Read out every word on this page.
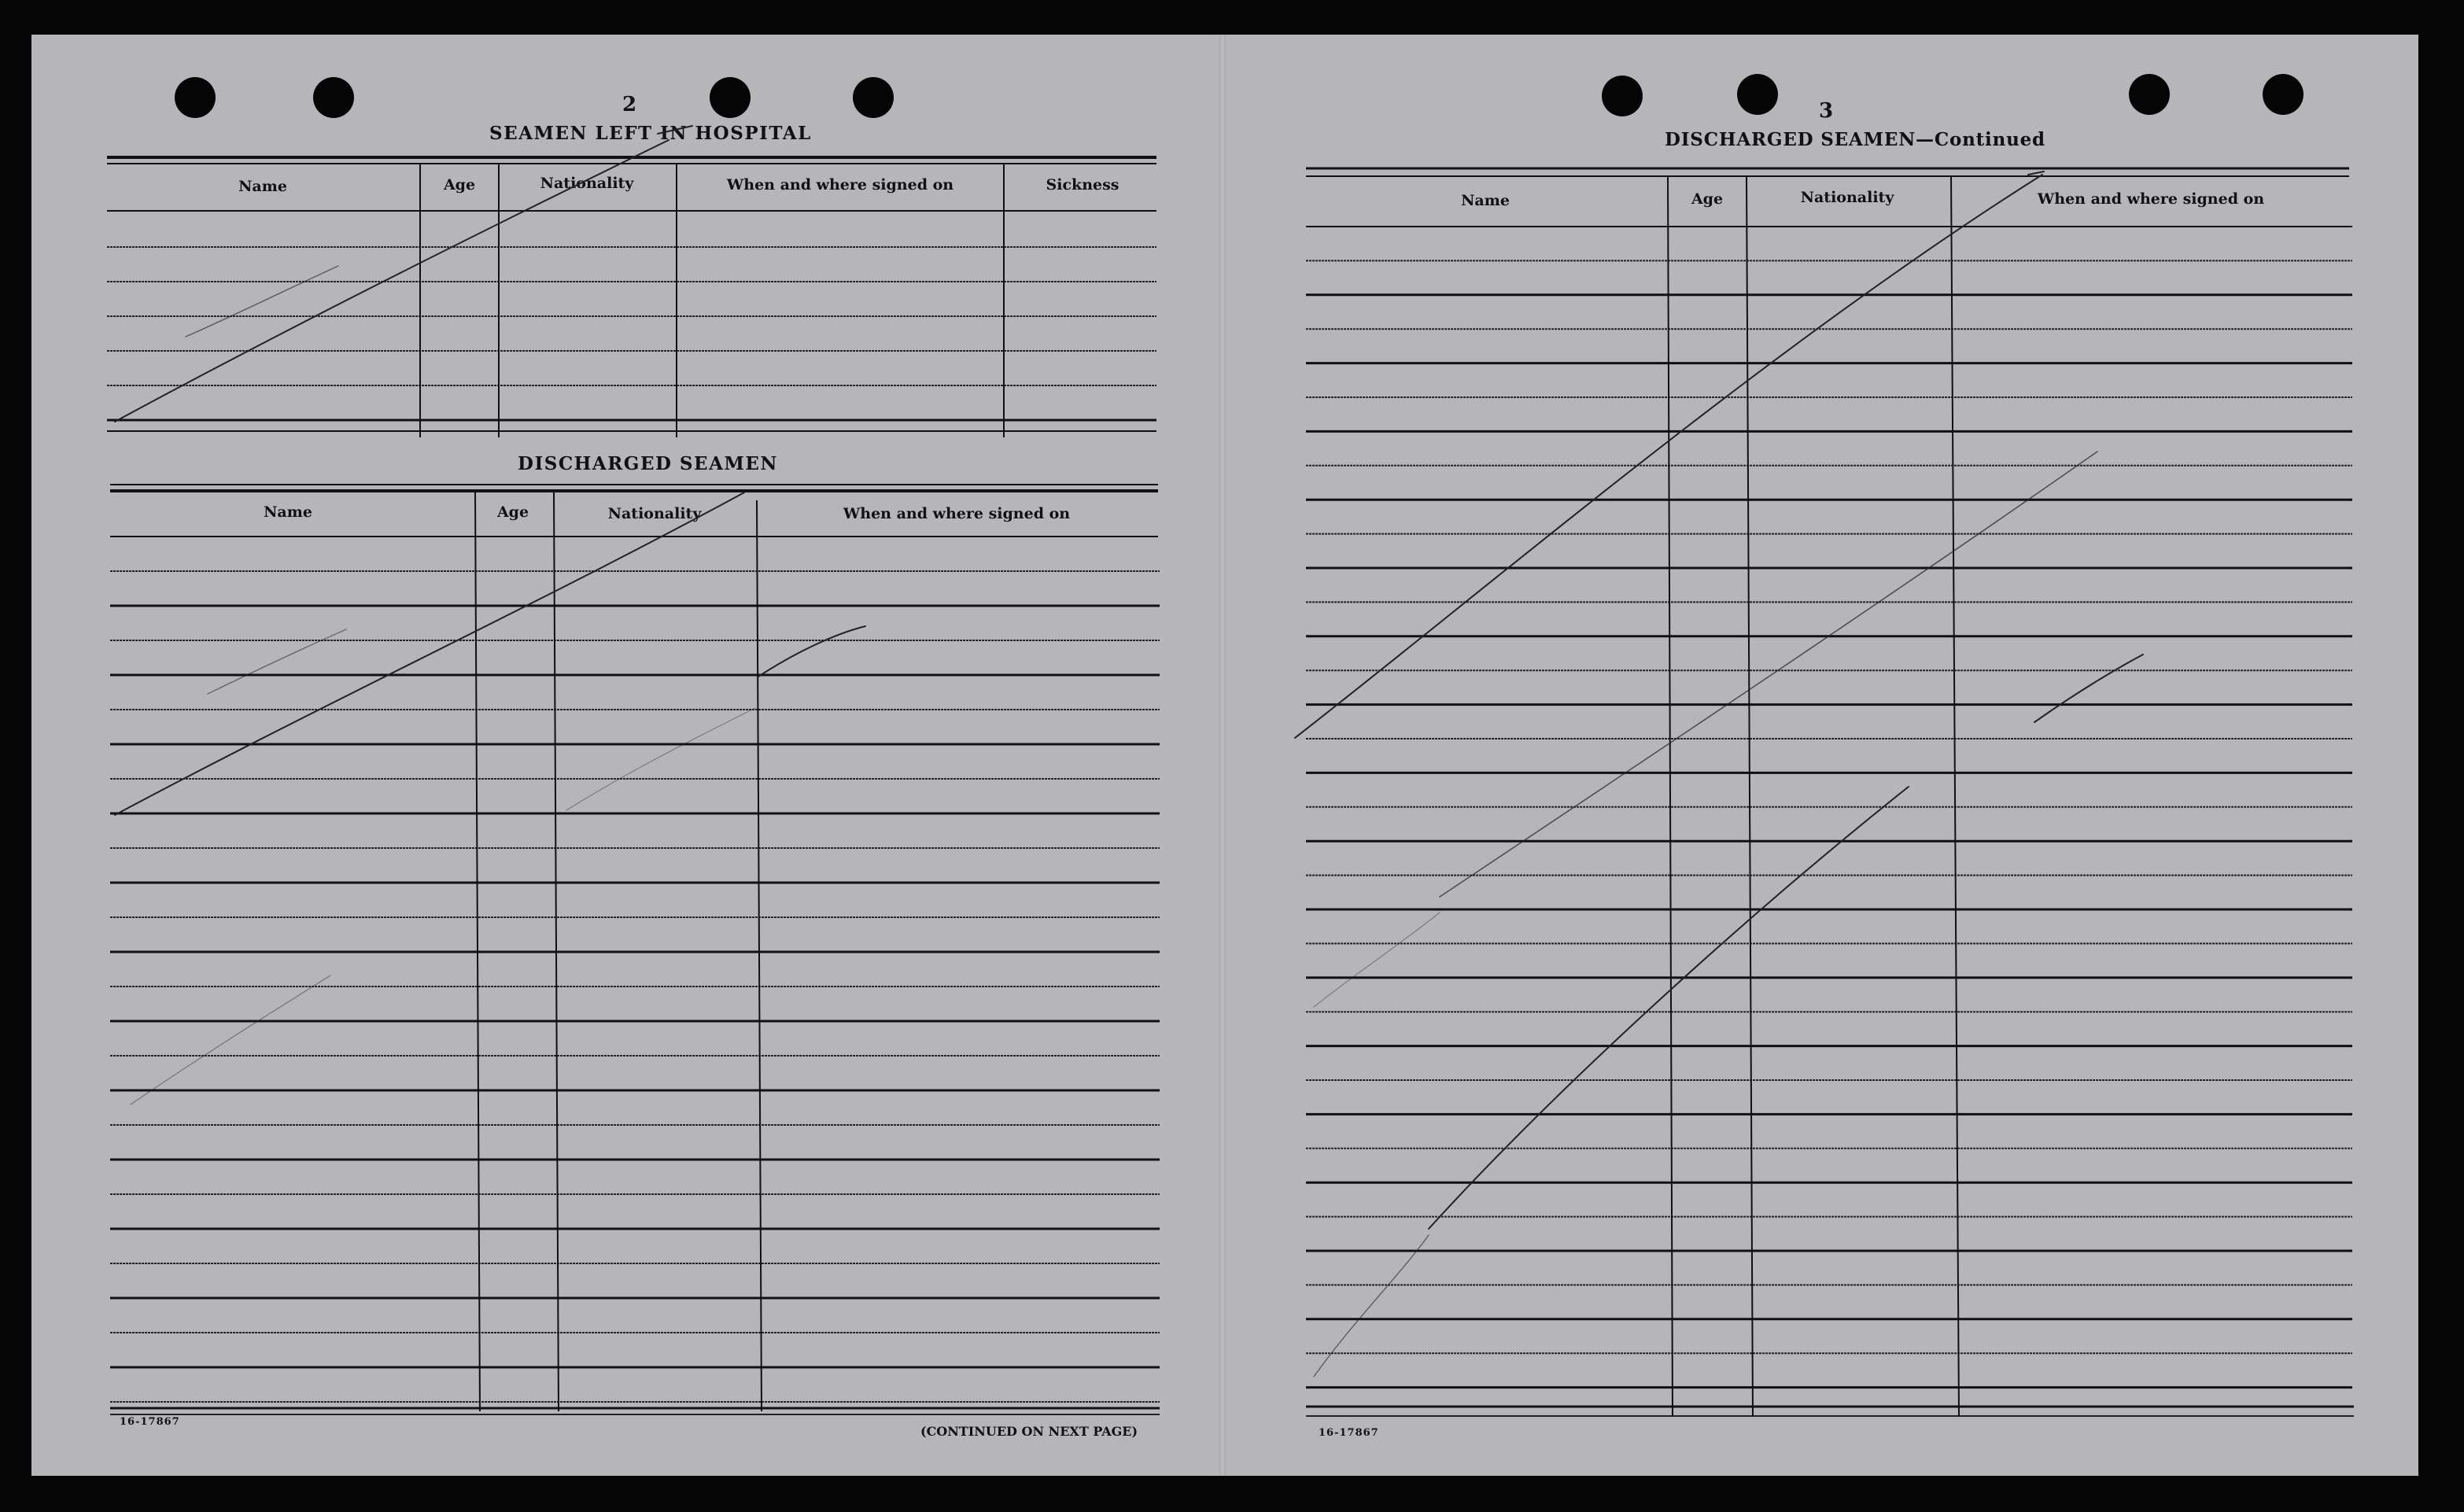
2
SEAMEN LEFT IN HOSPITAL
Name	Age	Nationality	When and where signed on	Sickness
DISCHARGED SEAMEN
Name	Age	Nationality	When and where signed on
16-17867
(CONTINUED ON NEXT PAGE)
3
DISCHARGED SEAMEN—Continued
Name	Age	Nationality	When and where signed on
16-17867
